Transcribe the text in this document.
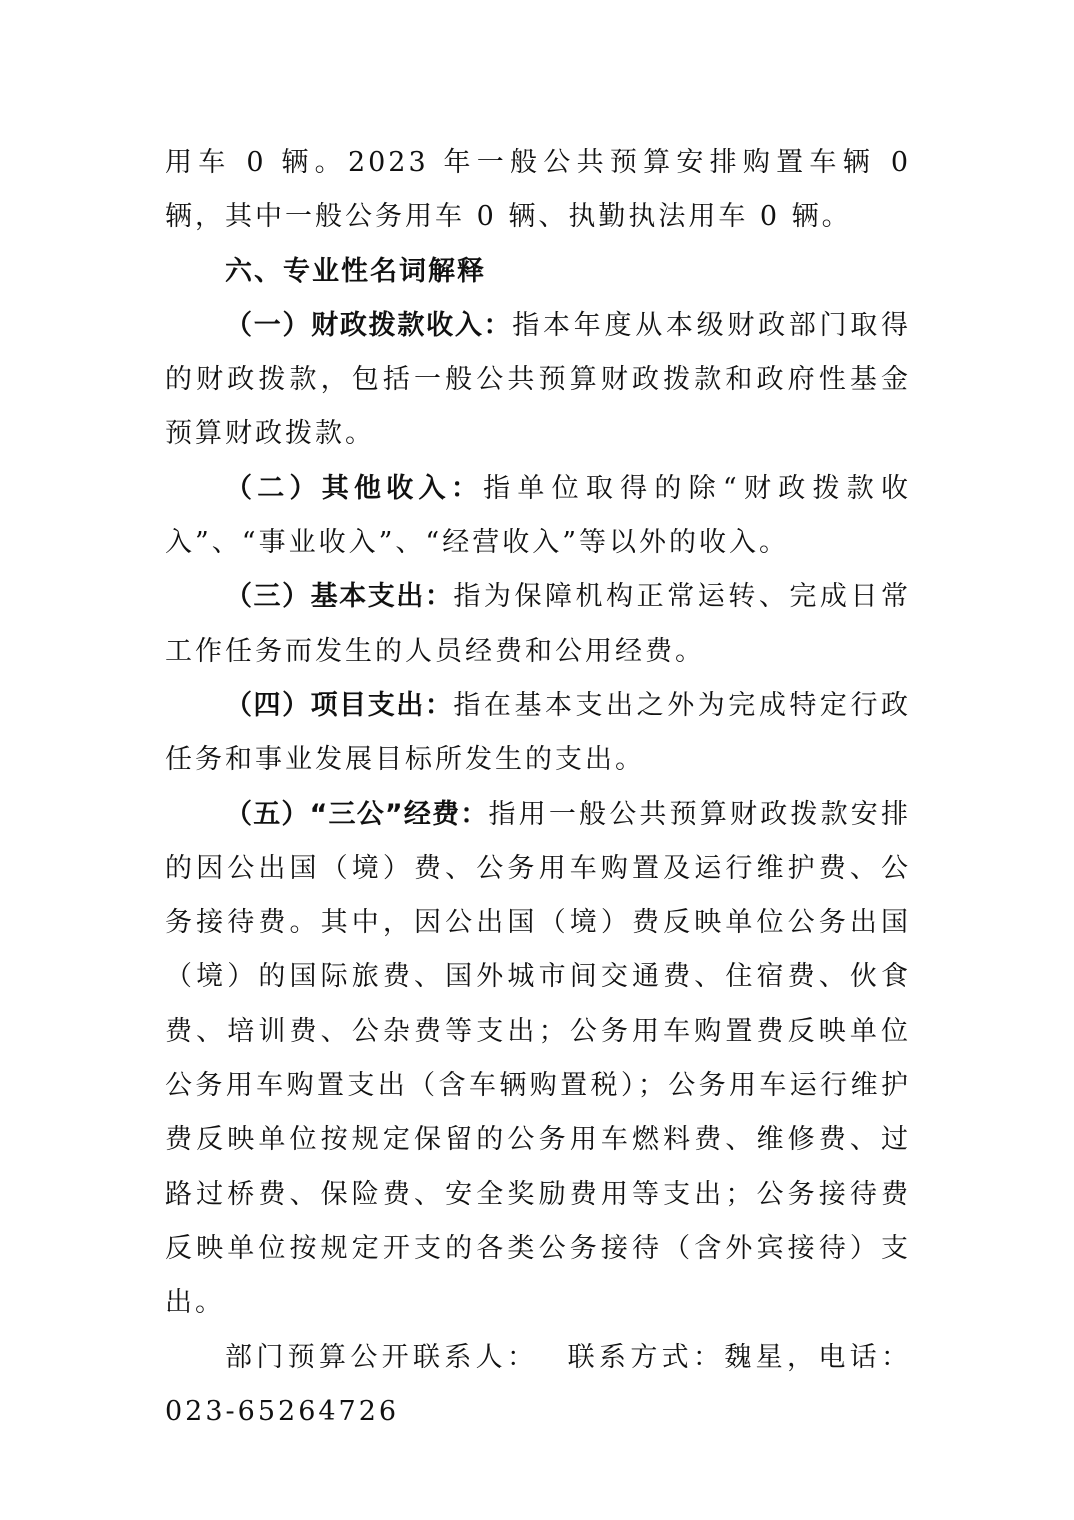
用车 0 辆。2023 年一般公共预算安排购置车辆 0 辆，其中一般公务用车 0 辆、执勤执法用车 0 辆。

六、专业性名词解释

（一）财政拨款收入：指本年度从本级财政部门取得的财政拨款，包括一般公共预算财政拨款和政府性基金预算财政拨款。

（二）其他收入：指单位取得的除“财政拨款收入”、“事业收入”、“经营收入”等以外的收入。

（三）基本支出：指为保障机构正常运转、完成日常工作任务而发生的人员经费和公用经费。

（四）项目支出：指在基本支出之外为完成特定行政任务和事业发展目标所发生的支出。

（五）“三公”经费：指用一般公共预算财政拨款安排的因公出国（境）费、公务用车购置及运行维护费、公务接待费。其中，因公出国（境）费反映单位公务出国（境）的国际旅费、国外城市间交通费、住宿费、伙食费、培训费、公杂费等支出；公务用车购置费反映单位公务用车购置支出（含车辆购置税）；公务用车运行维护费反映单位按规定保留的公务用车燃料费、维修费、过路过桥费、保险费、安全奖励费用等支出；公务接待费反映单位按规定开支的各类公务接待（含外宾接待）支出。

部门预算公开联系人： 联系方式：魏星，电话：023-65264726
